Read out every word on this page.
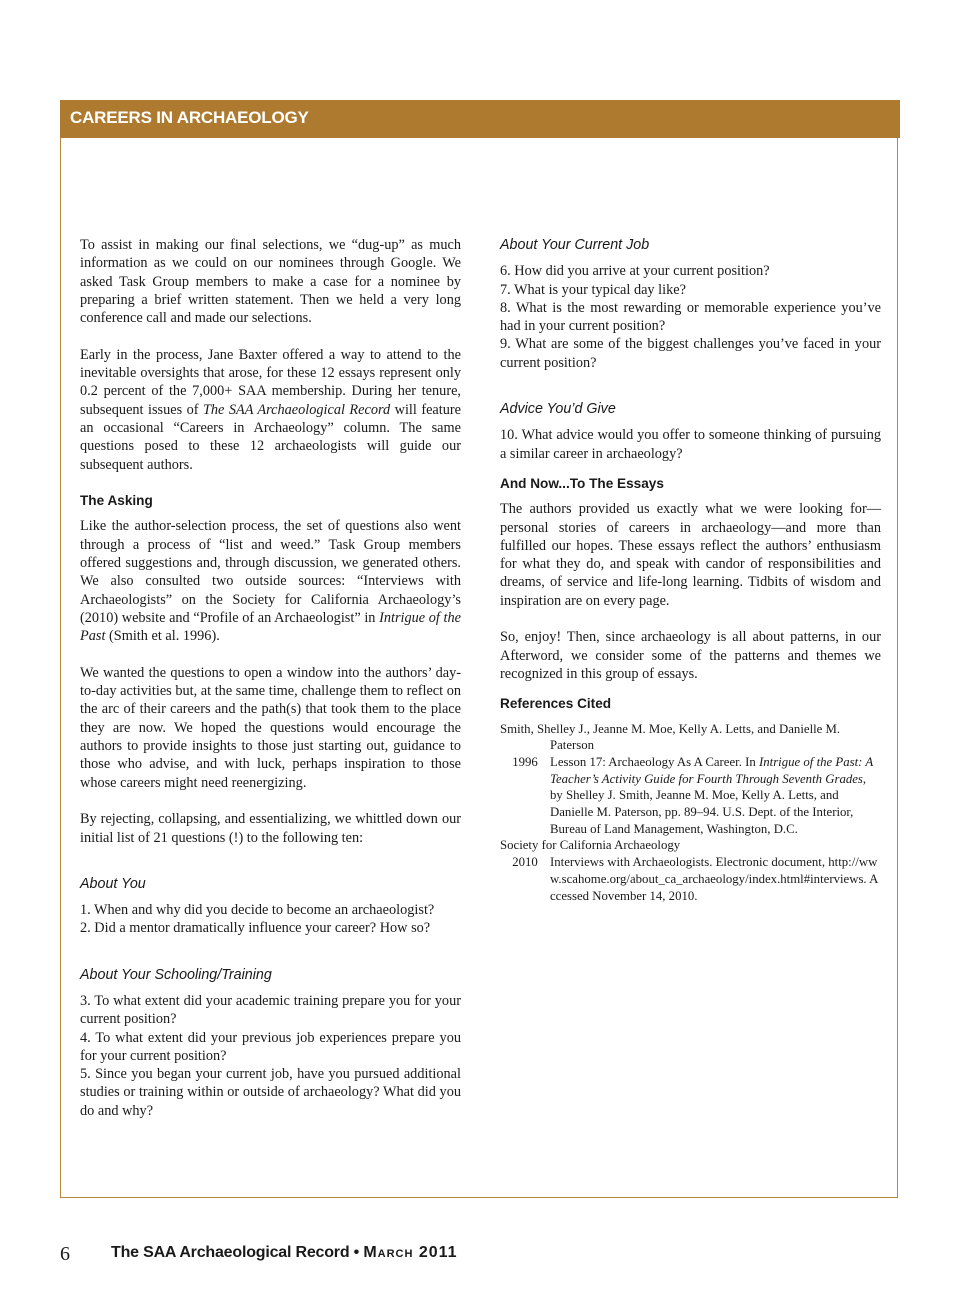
CAREERS IN ARCHAEOLOGY

To assist in making our final selections, we “dug-up” as much information as we could on our nominees through Google. We asked Task Group members to make a case for a nominee by preparing a brief written statement. Then we held a very long conference call and made our selections.

Early in the process, Jane Baxter offered a way to attend to the inevitable oversights that arose, for these 12 essays represent only 0.2 percent of the 7,000+ SAA membership. During her tenure, subsequent issues of The SAA Archaeological Record will feature an occasional “Careers in Archaeology” column. The same questions posed to these 12 archaeologists will guide our subsequent authors.

The Asking

Like the author-selection process, the set of questions also went through a process of “list and weed.” Task Group members offered suggestions and, through discussion, we generated others. We also consulted two outside sources: “Interviews with Archaeologists” on the Society for California Archaeology’s (2010) website and “Profile of an Archaeologist” in Intrigue of the Past (Smith et al. 1996).

We wanted the questions to open a window into the authors’ day-to-day activities but, at the same time, challenge them to reflect on the arc of their careers and the path(s) that took them to the place they are now. We hoped the questions would encourage the authors to provide insights to those just starting out, guidance to those who advise, and with luck, perhaps inspiration to those whose careers might need reenergizing.

By rejecting, collapsing, and essentializing, we whittled down our initial list of 21 questions (!) to the following ten:

About You

1. When and why did you decide to become an archaeologist?

2. Did a mentor dramatically influence your career? How so?

About Your Schooling/Training

3. To what extent did your academic training prepare you for your current position?

4. To what extent did your previous job experiences prepare you for your current position?

5. Since you began your current job, have you pursued additional studies or training within or outside of archaeology? What did you do and why?

About Your Current Job

6. How did you arrive at your current position?

7. What is your typical day like?

8. What is the most rewarding or memorable experience you’ve had in your current position?

9. What are some of the biggest challenges you’ve faced in your current position?

Advice You’d Give

10. What advice would you offer to someone thinking of pursuing a similar career in archaeology?

And Now...To The Essays

The authors provided us exactly what we were looking for—personal stories of careers in archaeology—and more than fulfilled our hopes. These essays reflect the authors’ enthusiasm for what they do, and speak with candor of responsibilities and dreams, of service and life-long learning. Tidbits of wisdom and inspiration are on every page.

So, enjoy! Then, since archaeology is all about patterns, in our Afterword, we consider some of the patterns and themes we recognized in this group of essays.

References Cited

Smith, Shelley J., Jeanne M. Moe, Kelly A. Letts, and Danielle M. Paterson

1996 Lesson 17: Archaeology As A Career. In Intrigue of the Past: A Teacher’s Activity Guide for Fourth Through Seventh Grades, by Shelley J. Smith, Jeanne M. Moe, Kelly A. Letts, and Danielle M. Paterson, pp. 89–94. U.S. Dept. of the Interior, Bureau of Land Management, Washington, D.C.

Society for California Archaeology

2010 Interviews with Archaeologists. Electronic document, http://www.scahome.org/about_ca_archaeology/index.html#interviews. Accessed November 14, 2010.
6	The SAA Archaeological Record • March 2011
